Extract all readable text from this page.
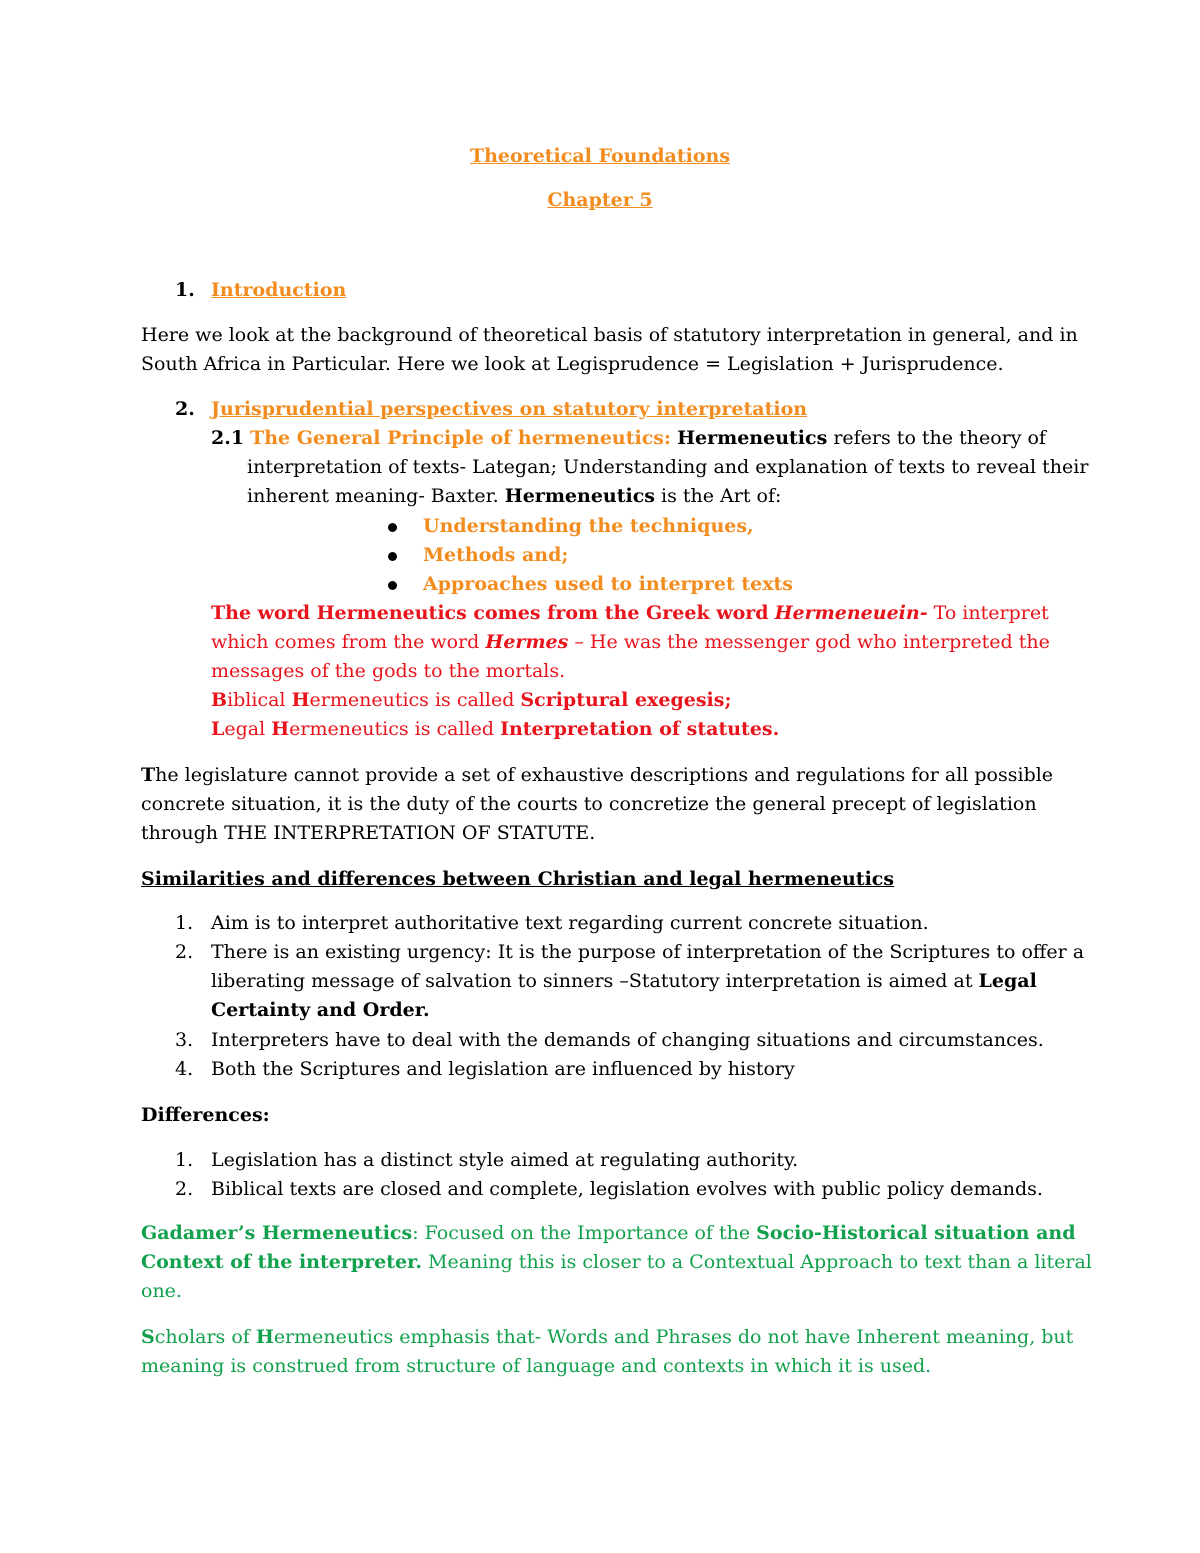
Theoretical Foundations
Chapter 5
1. Introduction
Here we look at the background of theoretical basis of statutory interpretation in general, and in
South Africa in Particular. Here we look at Legisprudence = Legislation + Jurisprudence.
2. Jurisprudential perspectives on statutory interpretation
2.1 The General Principle of hermeneutics: Hermeneutics refers to the theory of
interpretation of texts- Lategan; Understanding and explanation of texts to reveal their
inherent meaning- Baxter. Hermeneutics is the Art of:
Understanding the techniques,
Methods and;
Approaches used to interpret texts
The word Hermeneutics comes from the Greek word Hermeneuein- To interpret
which comes from the word Hermes – He was the messenger god who interpreted the
messages of the gods to the mortals.
Biblical Hermeneutics is called Scriptural exegesis;
Legal Hermeneutics is called Interpretation of statutes.
The legislature cannot provide a set of exhaustive descriptions and regulations for all possible
concrete situation, it is the duty of the courts to concretize the general precept of legislation
through THE INTERPRETATION OF STATUTE.
Similarities and differences between Christian and legal hermeneutics
1. Aim is to interpret authoritative text regarding current concrete situation.
2. There is an existing urgency: It is the purpose of interpretation of the Scriptures to offer a
liberating message of salvation to sinners –Statutory interpretation is aimed at Legal
Certainty and Order.
3. Interpreters have to deal with the demands of changing situations and circumstances.
4. Both the Scriptures and legislation are influenced by history
Differences:
1. Legislation has a distinct style aimed at regulating authority.
2. Biblical texts are closed and complete, legislation evolves with public policy demands.
Gadamer’s Hermeneutics: Focused on the Importance of the Socio-Historical situation and
Context of the interpreter. Meaning this is closer to a Contextual Approach to text than a literal
one.
Scholars of Hermeneutics emphasis that- Words and Phrases do not have Inherent meaning, but
meaning is construed from structure of language and contexts in which it is used.
